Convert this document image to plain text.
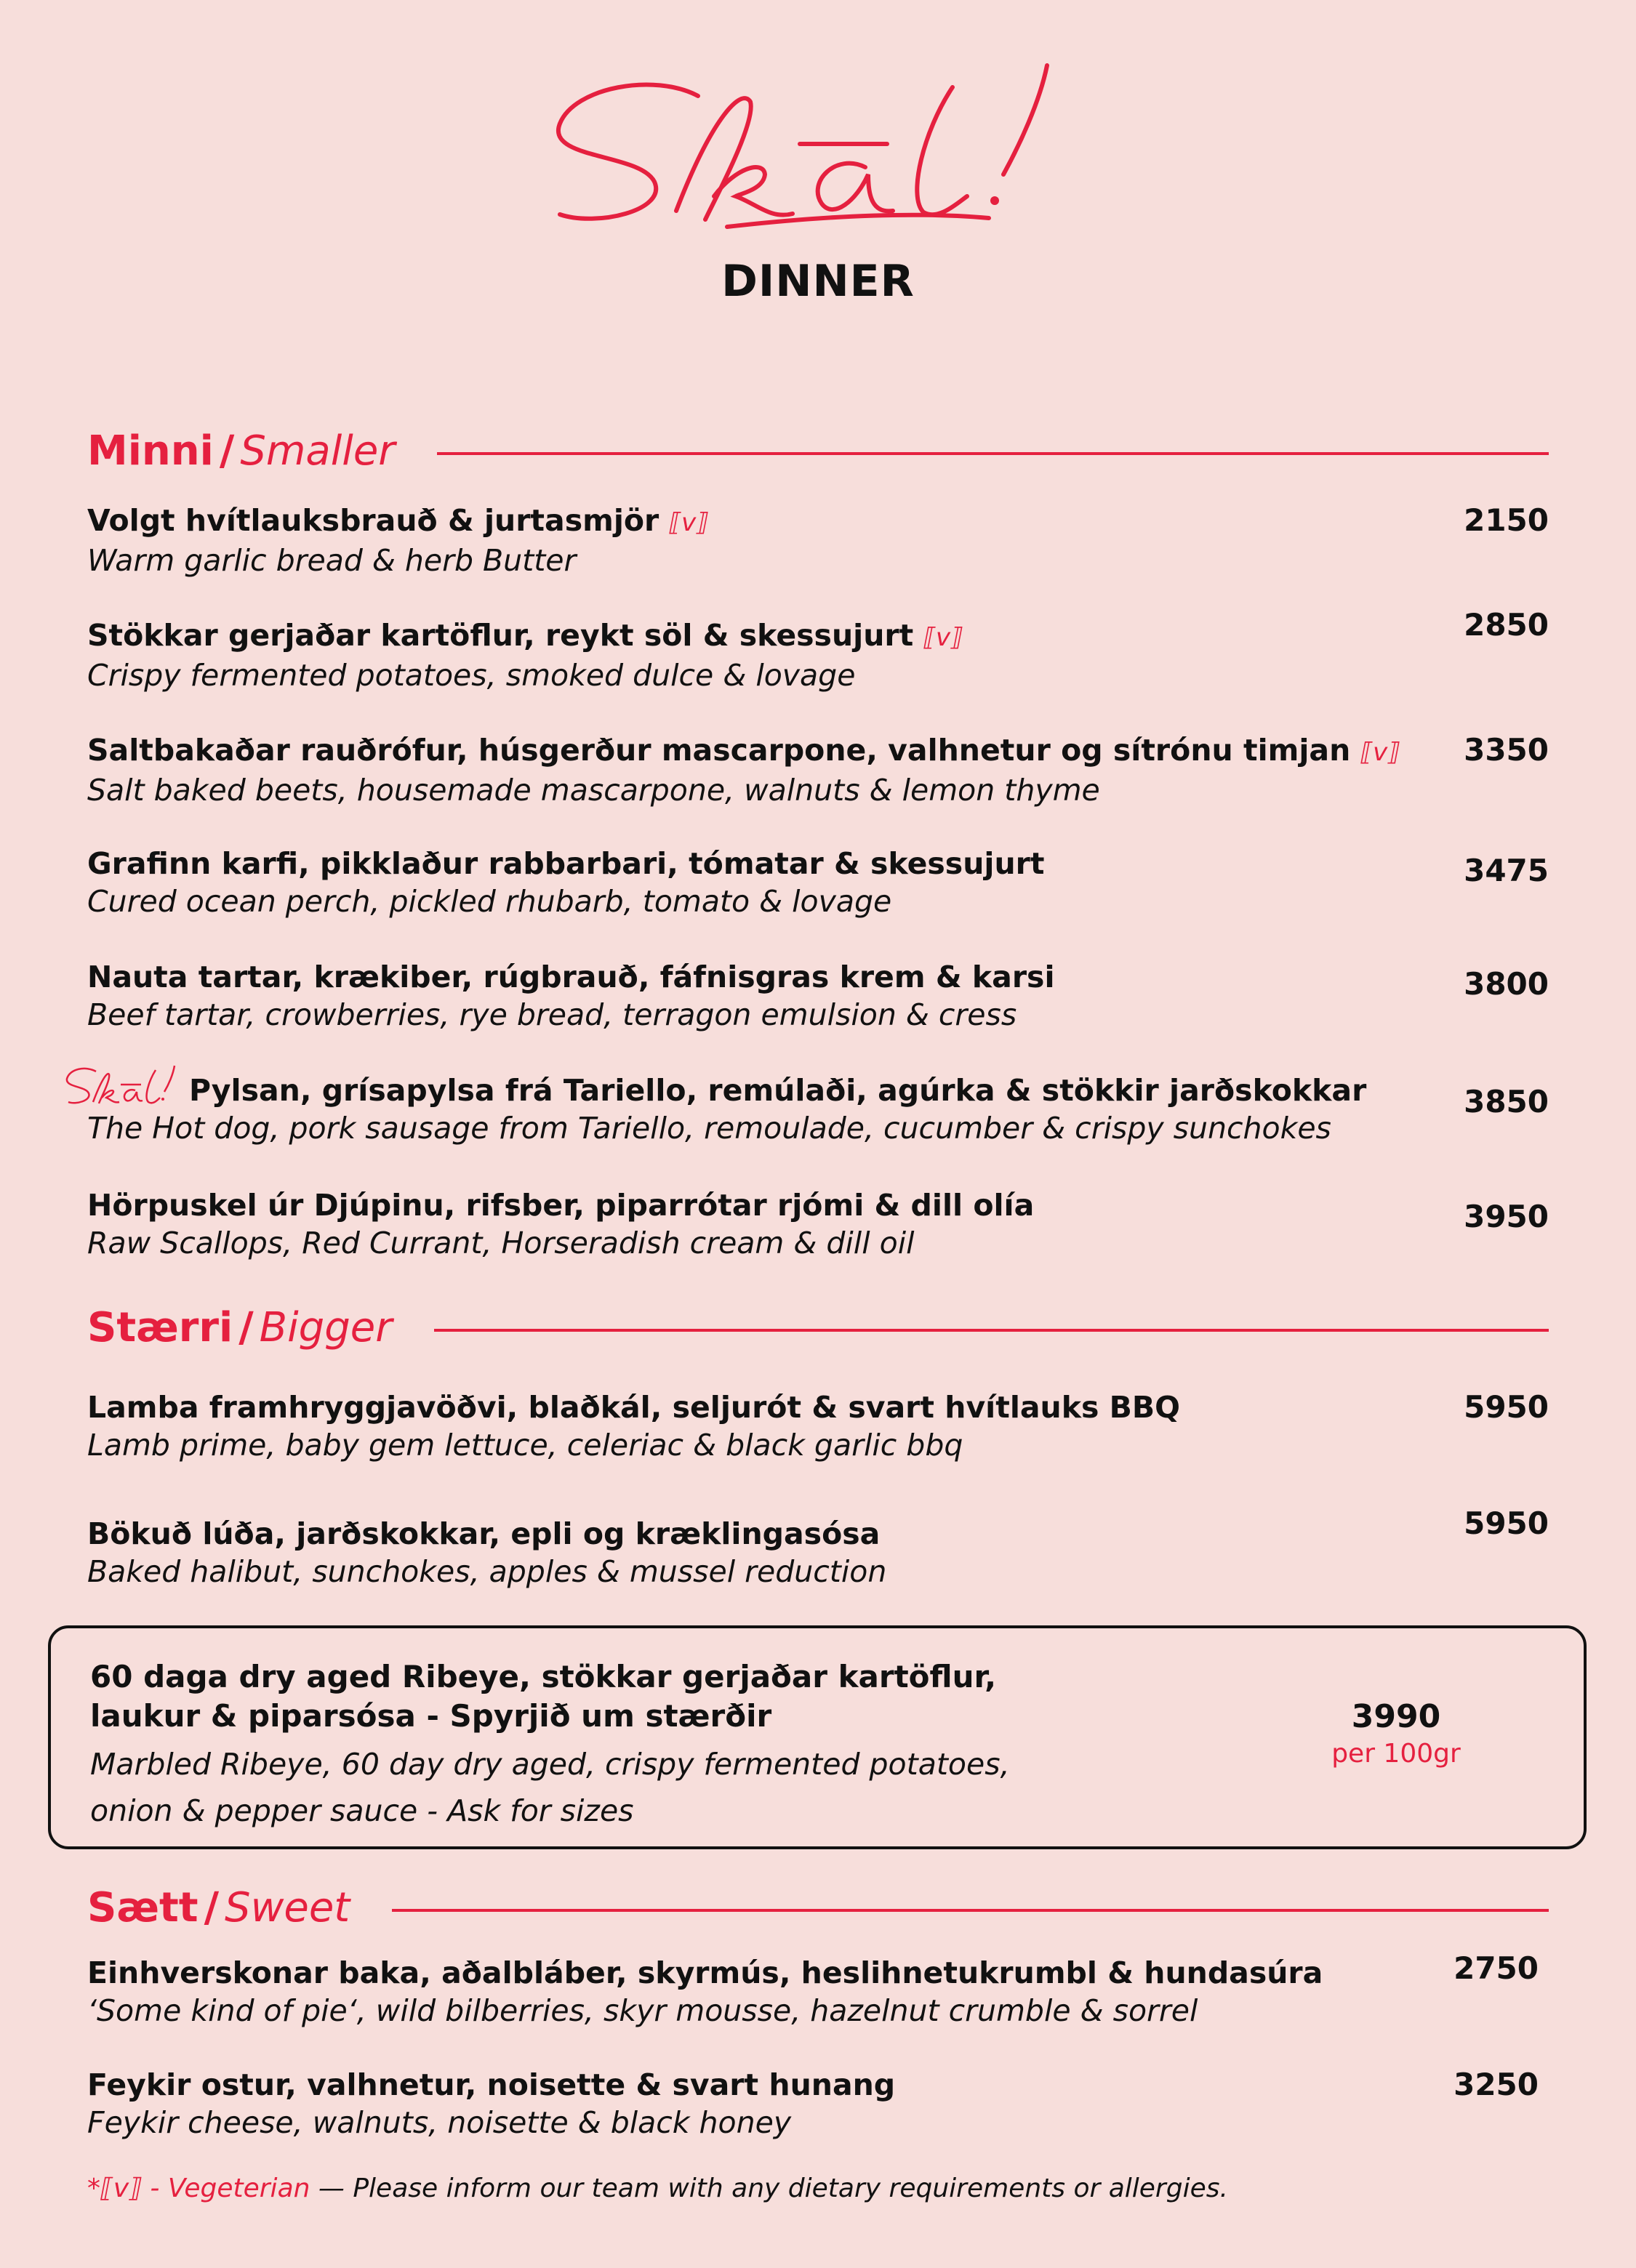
DINNER
Minni / Smaller
Volgt hvítlauksbrauð & jurtasmjör ⟦v⟧
Warm garlic bread & herb Butter
2150
Stökkar gerjaðar kartöflur, reykt söl & skessujurt ⟦v⟧
Crispy fermented potatoes, smoked dulce & lovage
2850
Saltbakaðar rauðrófur, húsgerður mascarpone, valhnetur og sítrónu timjan ⟦v⟧
Salt baked beets, housemade mascarpone, walnuts & lemon thyme
3350
Grafinn karfi, pikklaður rabbarbari, tómatar & skessujurt
Cured ocean perch, pickled rhubarb, tomato & lovage
3475
Nauta tartar, krækiber, rúgbrauð, fáfnisgras krem & karsi
Beef tartar, crowberries, rye bread, terragon emulsion & cress
3800
Pylsan, grísapylsa frá Tariello, remúlaði, agúrka & stökkir jarðskokkar
The Hot dog, pork sausage from Tariello, remoulade, cucumber & crispy sunchokes
3850
Hörpuskel úr Djúpinu, rifsber, piparrótar rjómi & dill olía
Raw Scallops, Red Currant, Horseradish cream & dill oil
3950
Stærri / Bigger
Lamba framhryggjavöðvi, blaðkál, seljurót & svart hvítlauks BBQ
Lamb prime, baby gem lettuce, celeriac & black garlic bbq
5950
Bökuð lúða, jarðskokkar, epli og kræklingasósa
Baked halibut, sunchokes, apples & mussel reduction
5950
60 daga dry aged Ribeye, stökkar gerjaðar kartöflur,
laukur & piparsósa - Spyrjið um stærðir
Marbled Ribeye, 60 day dry aged, crispy fermented potatoes,
onion & pepper sauce - Ask for sizes
3990
per 100gr
Sætt / Sweet
Einhverskonar baka, aðalbláber, skyrmús, heslihnetukrumbl & hundasúra
‘Some kind of pie‘, wild bilberries, skyr mousse, hazelnut crumble & sorrel
2750
Feykir ostur, valhnetur, noisette & svart hunang
Feykir cheese, walnuts, noisette & black honey
3250
*⟦v⟧ - Vegeterian — Please inform our team with any dietary requirements or allergies.
